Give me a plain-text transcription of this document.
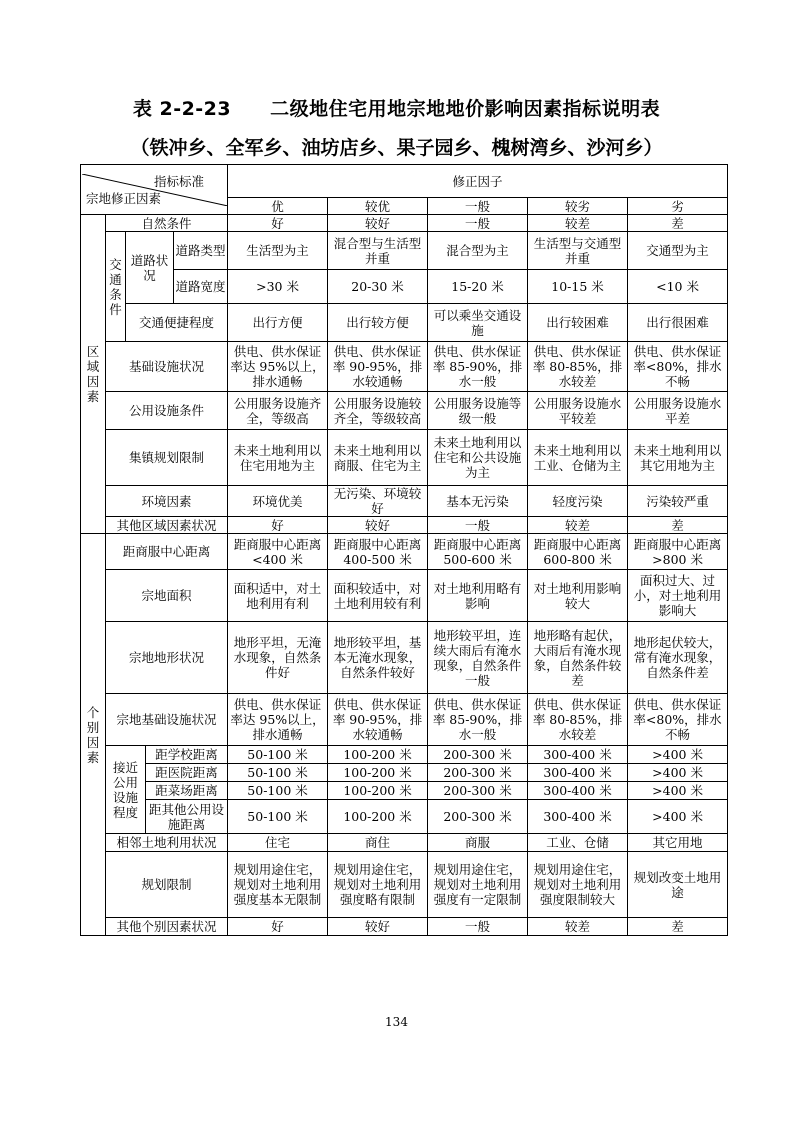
表 2-2-23　　二级地住宅用地宗地地价影响因素指标说明表
（铁冲乡、全军乡、油坊店乡、果子园乡、槐树湾乡、沙河乡）
指标标准
宗地修正因素					修正因子				
					优	较优	一般	较劣	劣
区
域
因
素	自然条件				好	较好	一般	较差	差
	交通条件	道路状况		道路类型	生活型为主	混合型与生活型并重	混合型为主	生活型与交通型并重	交通型为主
				道路宽度	>30 米	20-30 米	15-20 米	10-15 米	<10 米
		交通便捷程度			出行方便	出行较方便	可以乘坐交通设施	出行较困难	出行很困难
	基础设施状况				供电、供水保证率达 95%以上，排水通畅	供电、供水保证率 90-95%，排水较通畅	供电、供水保证率 85-90%，排水一般	供电、供水保证率 80-85%，排水较差	供电、供水保证率<80%，排水不畅
	公用设施条件				公用服务设施齐全，等级高	公用服务设施较齐全，等级较高	公用服务设施等级一般	公用服务设施水平较差	公用服务设施水平差
	集镇规划限制				未来土地利用以住宅用地为主	未来土地利用以商服、住宅为主	未来土地利用以住宅和公共设施为主	未来土地利用以工业、仓储为主	未来土地利用以其它用地为主
	环境因素				环境优美	无污染、环境较好	基本无污染	轻度污染	污染较严重
	其他区域因素状况				好	较好	一般	较差	差
个
别
因
素	距商服中心距离				距商服中心距离<400 米	距商服中心距离 400-500 米	距商服中心距离 500-600 米	距商服中心距离 600-800 米	距商服中心距离>800 米
	宗地面积				面积适中，对土地利用有利	面积较适中，对土地利用较有利	对土地利用略有影响	对土地利用影响较大	面积过大、过小，对土地利用影响大
	宗地地形状况				地形平坦，无淹水现象，自然条件好	地形较平坦，基本无淹水现象，自然条件较好	地形较平坦，连续大雨后有淹水现象，自然条件一般	地形略有起伏，大雨后有淹水现象，自然条件较差	地形起伏较大，常有淹水现象，自然条件差
	宗地基础设施状况				供电、供水保证率达 95%以上，排水通畅	供电、供水保证率 90-95%，排水较通畅	供电、供水保证率 85-90%，排水一般	供电、供水保证率 80-85%，排水较差	供电、供水保证率<80%，排水不畅
	接近公用设施程度		距学校距离		50-100 米	100-200 米	200-300 米	300-400 米	>400 米
			距医院距离		50-100 米	100-200 米	200-300 米	300-400 米	>400 米
			距菜场距离		50-100 米	100-200 米	200-300 米	300-400 米	>400 米
			距其他公用设施距离		50-100 米	100-200 米	200-300 米	300-400 米	>400 米
	相邻土地利用状况				住宅	商住	商服	工业、仓储	其它用地
	规划限制				规划用途住宅，规划对土地利用强度基本无限制	规划用途住宅，规划对土地利用强度略有限制	规划用途住宅，规划对土地利用强度有一定限制	规划用途住宅，规划对土地利用强度限制较大	规划改变土地用途
	其他个别因素状况				好	较好	一般	较差	差
134
